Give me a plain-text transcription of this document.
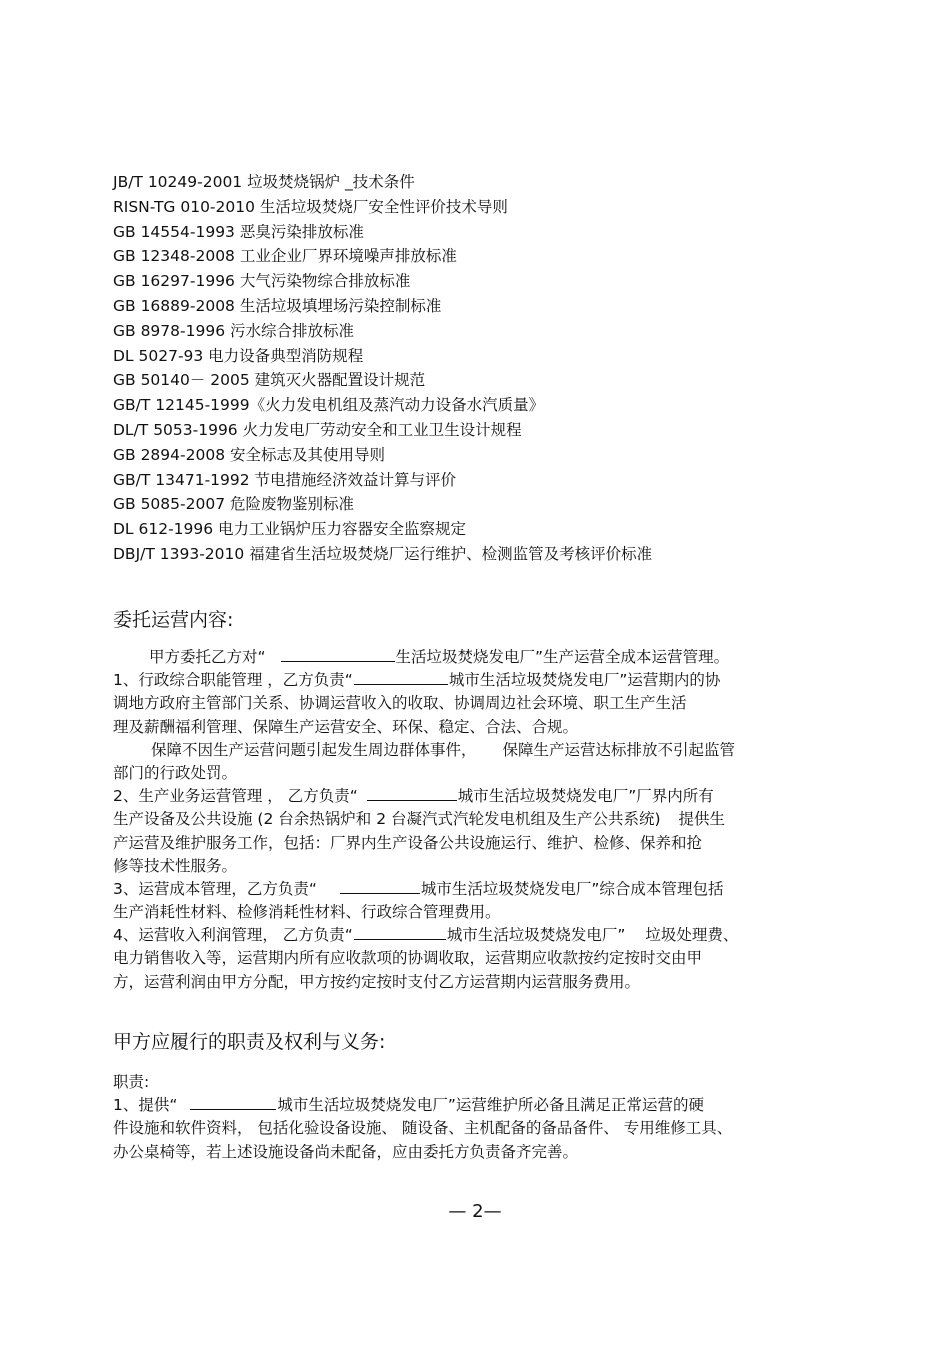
JB/T 10249-2001 垃圾焚烧锅炉 _技术条件
RISN-TG 010-2010 生活垃圾焚烧厂安全性评价技术导则
GB 14554-1993 恶臭污染排放标准
GB 12348-2008 工业企业厂界环境噪声排放标准
GB 16297-1996 大气污染物综合排放标准
GB 16889-2008 生活垃圾填埋场污染控制标准
GB 8978-1996 污水综合排放标准
DL 5027-93 电力设备典型消防规程
GB 50140－ 2005 建筑灭火器配置设计规范
GB/T 12145-1999《火力发电机组及蒸汽动力设备水汽质量》
DL/T 5053-1996 火力发电厂劳动安全和工业卫生设计规程
GB 2894-2008 安全标志及其使用导则
GB/T 13471-1992 节电措施经济效益计算与评价
GB 5085-2007 危险废物鉴别标准
DL 612-1996 电力工业锅炉压力容器安全监察规定
DBJ/T 1393-2010 福建省生活垃圾焚烧厂运行维护、检测监管及考核评价标准
委托运营内容:
甲方委托乙方对“	生活垃圾焚烧发电厂”生产运营全成本运营管理。
1、行政综合职能管理 ，乙方负责“	城市生活垃圾焚烧发电厂”运营期内的协
调地方政府主管部门关系、协调运营收入的收取、协调周边社会环境、职工生产生活
理及薪酬福利管理、保障生产运营安全、环保、稳定、合法、合规。
保障不因生产运营问题引起发生周边群体事件， 保障生产运营达标排放不引起监管
部门的行政处罚。
2、生产业务运营管理 ， 乙方负责“	城市生活垃圾焚烧发电厂”厂界内所有
生产设备及公共设施 (2 台余热锅炉和 2 台凝汽式汽轮发电机组及生产公共系统) 提供生
产运营及维护服务工作，包括：厂界内生产设备公共设施运行、维护、检修、保养和抢
修等技术性服务。
3、运营成本管理，乙方负责“	城市生活垃圾焚烧发电厂”综合成本管理包括
生产消耗性材料、检修消耗性材料、行政综合管理费用。
4、运营收入利润管理， 乙方负责“	城市生活垃圾焚烧发电厂” 垃圾处理费、
电力销售收入等，运营期内所有应收款项的协调收取，运营期应收款按约定按时交由甲
方，运营利润由甲方分配，甲方按约定按时支付乙方运营期内运营服务费用。
甲方应履行的职责及权利与义务:
职责:
1、提供“	城市生活垃圾焚烧发电厂”运营维护所必备且满足正常运营的硬
件设施和软件资料， 包括化验设备设施、 随设备、主机配备的备品备件、 专用维修工具、
办公桌椅等，若上述设施设备尚未配备，应由委托方负责备齐完善。
— 2—
